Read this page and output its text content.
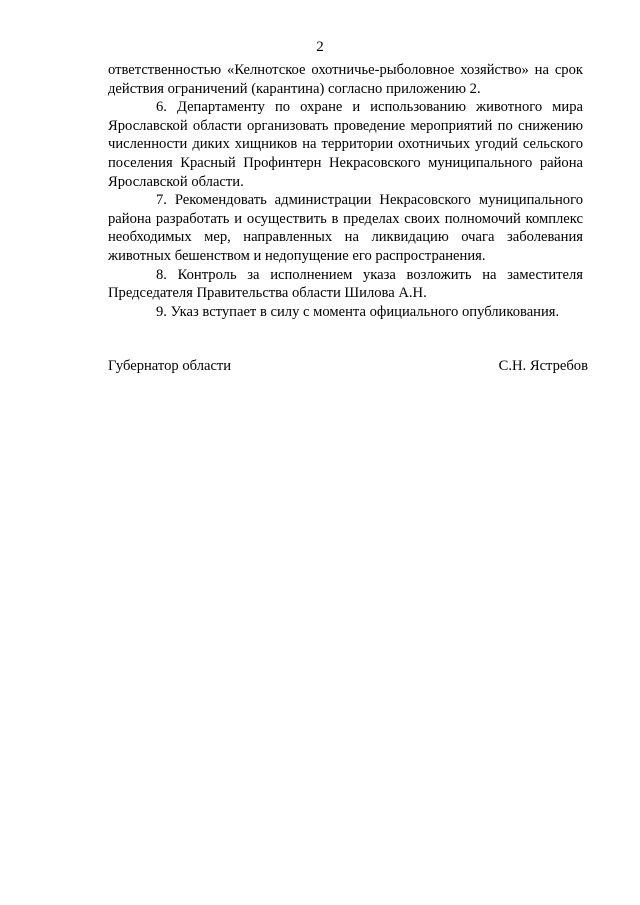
2

ответственностью «Келнотское охотничье-рыболовное хозяйство» на срок действия ограничений (карантина) согласно приложению 2.

6. Департаменту по охране и использованию животного мира Ярославской области организовать проведение мероприятий по снижению численности диких хищников на территории охотничьих угодий сельского поселения Красный Профинтерн Некрасовского муниципального района Ярославской области.

7. Рекомендовать администрации Некрасовского муниципального района разработать и осуществить в пределах своих полномочий комплекс необходимых мер, направленных на ликвидацию очага заболевания животных бешенством и недопущение его распространения.

8. Контроль за исполнением указа возложить на заместителя Председателя Правительства области Шилова А.Н.

9. Указ вступает в силу с момента официального опубликования.

Губернатор области	С.Н. Ястребов
